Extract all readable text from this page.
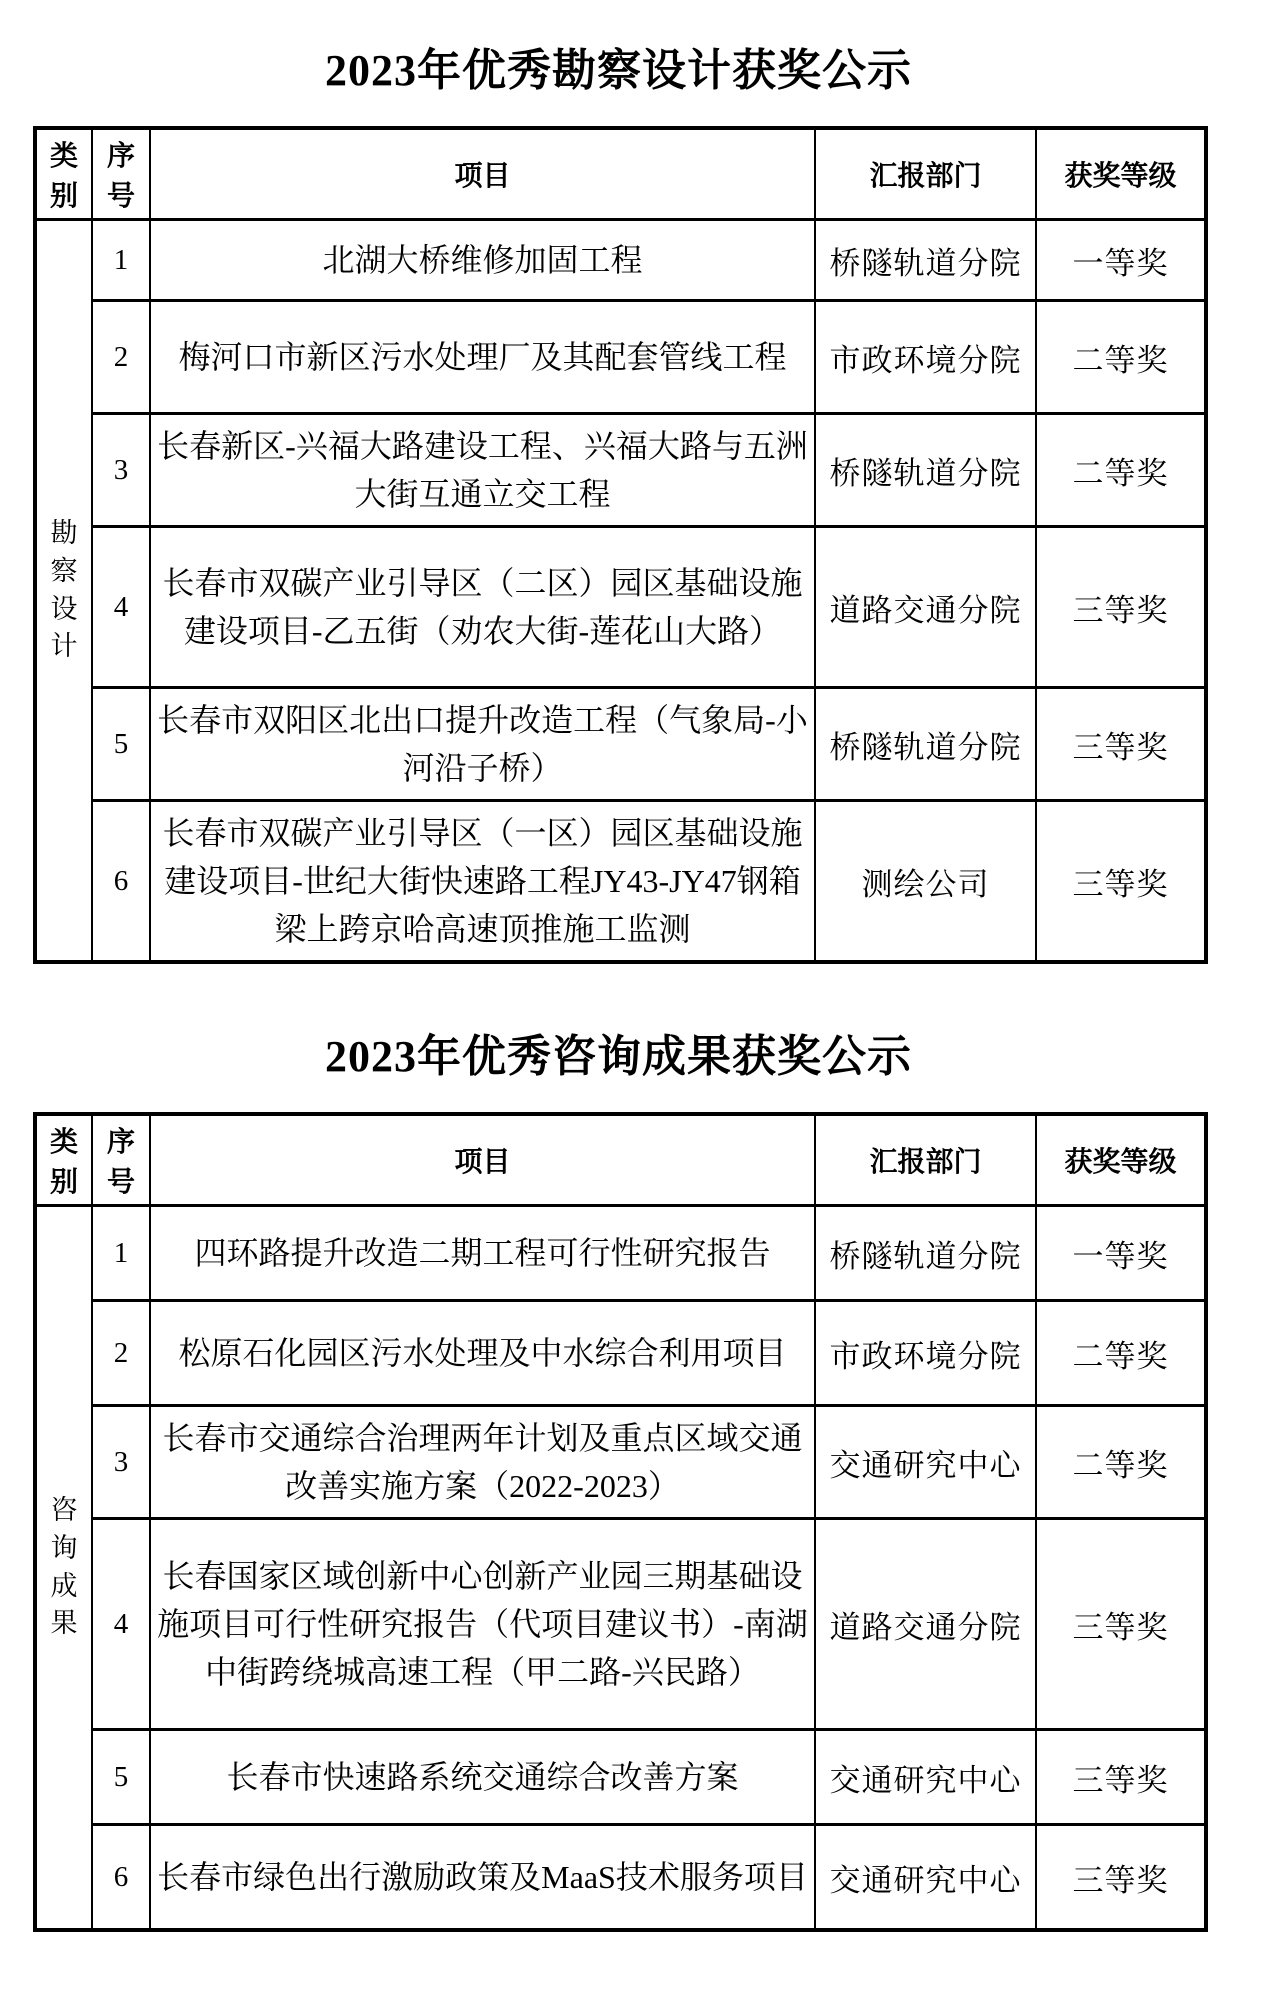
2023年优秀勘察设计获奖公示
类别	序号	项目	汇报部门	获奖等级
勘察设计	1	北湖大桥维修加固工程	桥隧轨道分院	一等奖
	2	梅河口市新区污水处理厂及其配套管线工程	市政环境分院	二等奖
	3	长春新区-兴福大路建设工程、兴福大路与五洲大街互通立交工程	桥隧轨道分院	二等奖
	4	长春市双碳产业引导区（二区）园区基础设施建设项目-乙五街（劝农大街-莲花山大路）	道路交通分院	三等奖
	5	长春市双阳区北出口提升改造工程（气象局-小河沿子桥）	桥隧轨道分院	三等奖
	6	长春市双碳产业引导区（一区）园区基础设施建设项目-世纪大街快速路工程JY43-JY47钢箱梁上跨京哈高速顶推施工监测	测绘公司	三等奖
2023年优秀咨询成果获奖公示
类别	序号	项目	汇报部门	获奖等级
咨询成果	1	四环路提升改造二期工程可行性研究报告	桥隧轨道分院	一等奖
	2	松原石化园区污水处理及中水综合利用项目	市政环境分院	二等奖
	3	长春市交通综合治理两年计划及重点区域交通改善实施方案（2022-2023）	交通研究中心	二等奖
	4	长春国家区域创新中心创新产业园三期基础设施项目可行性研究报告（代项目建议书）-南湖中街跨绕城高速工程（甲二路-兴民路）	道路交通分院	三等奖
	5	长春市快速路系统交通综合改善方案	交通研究中心	三等奖
	6	长春市绿色出行激励政策及MaaS技术服务项目	交通研究中心	三等奖
